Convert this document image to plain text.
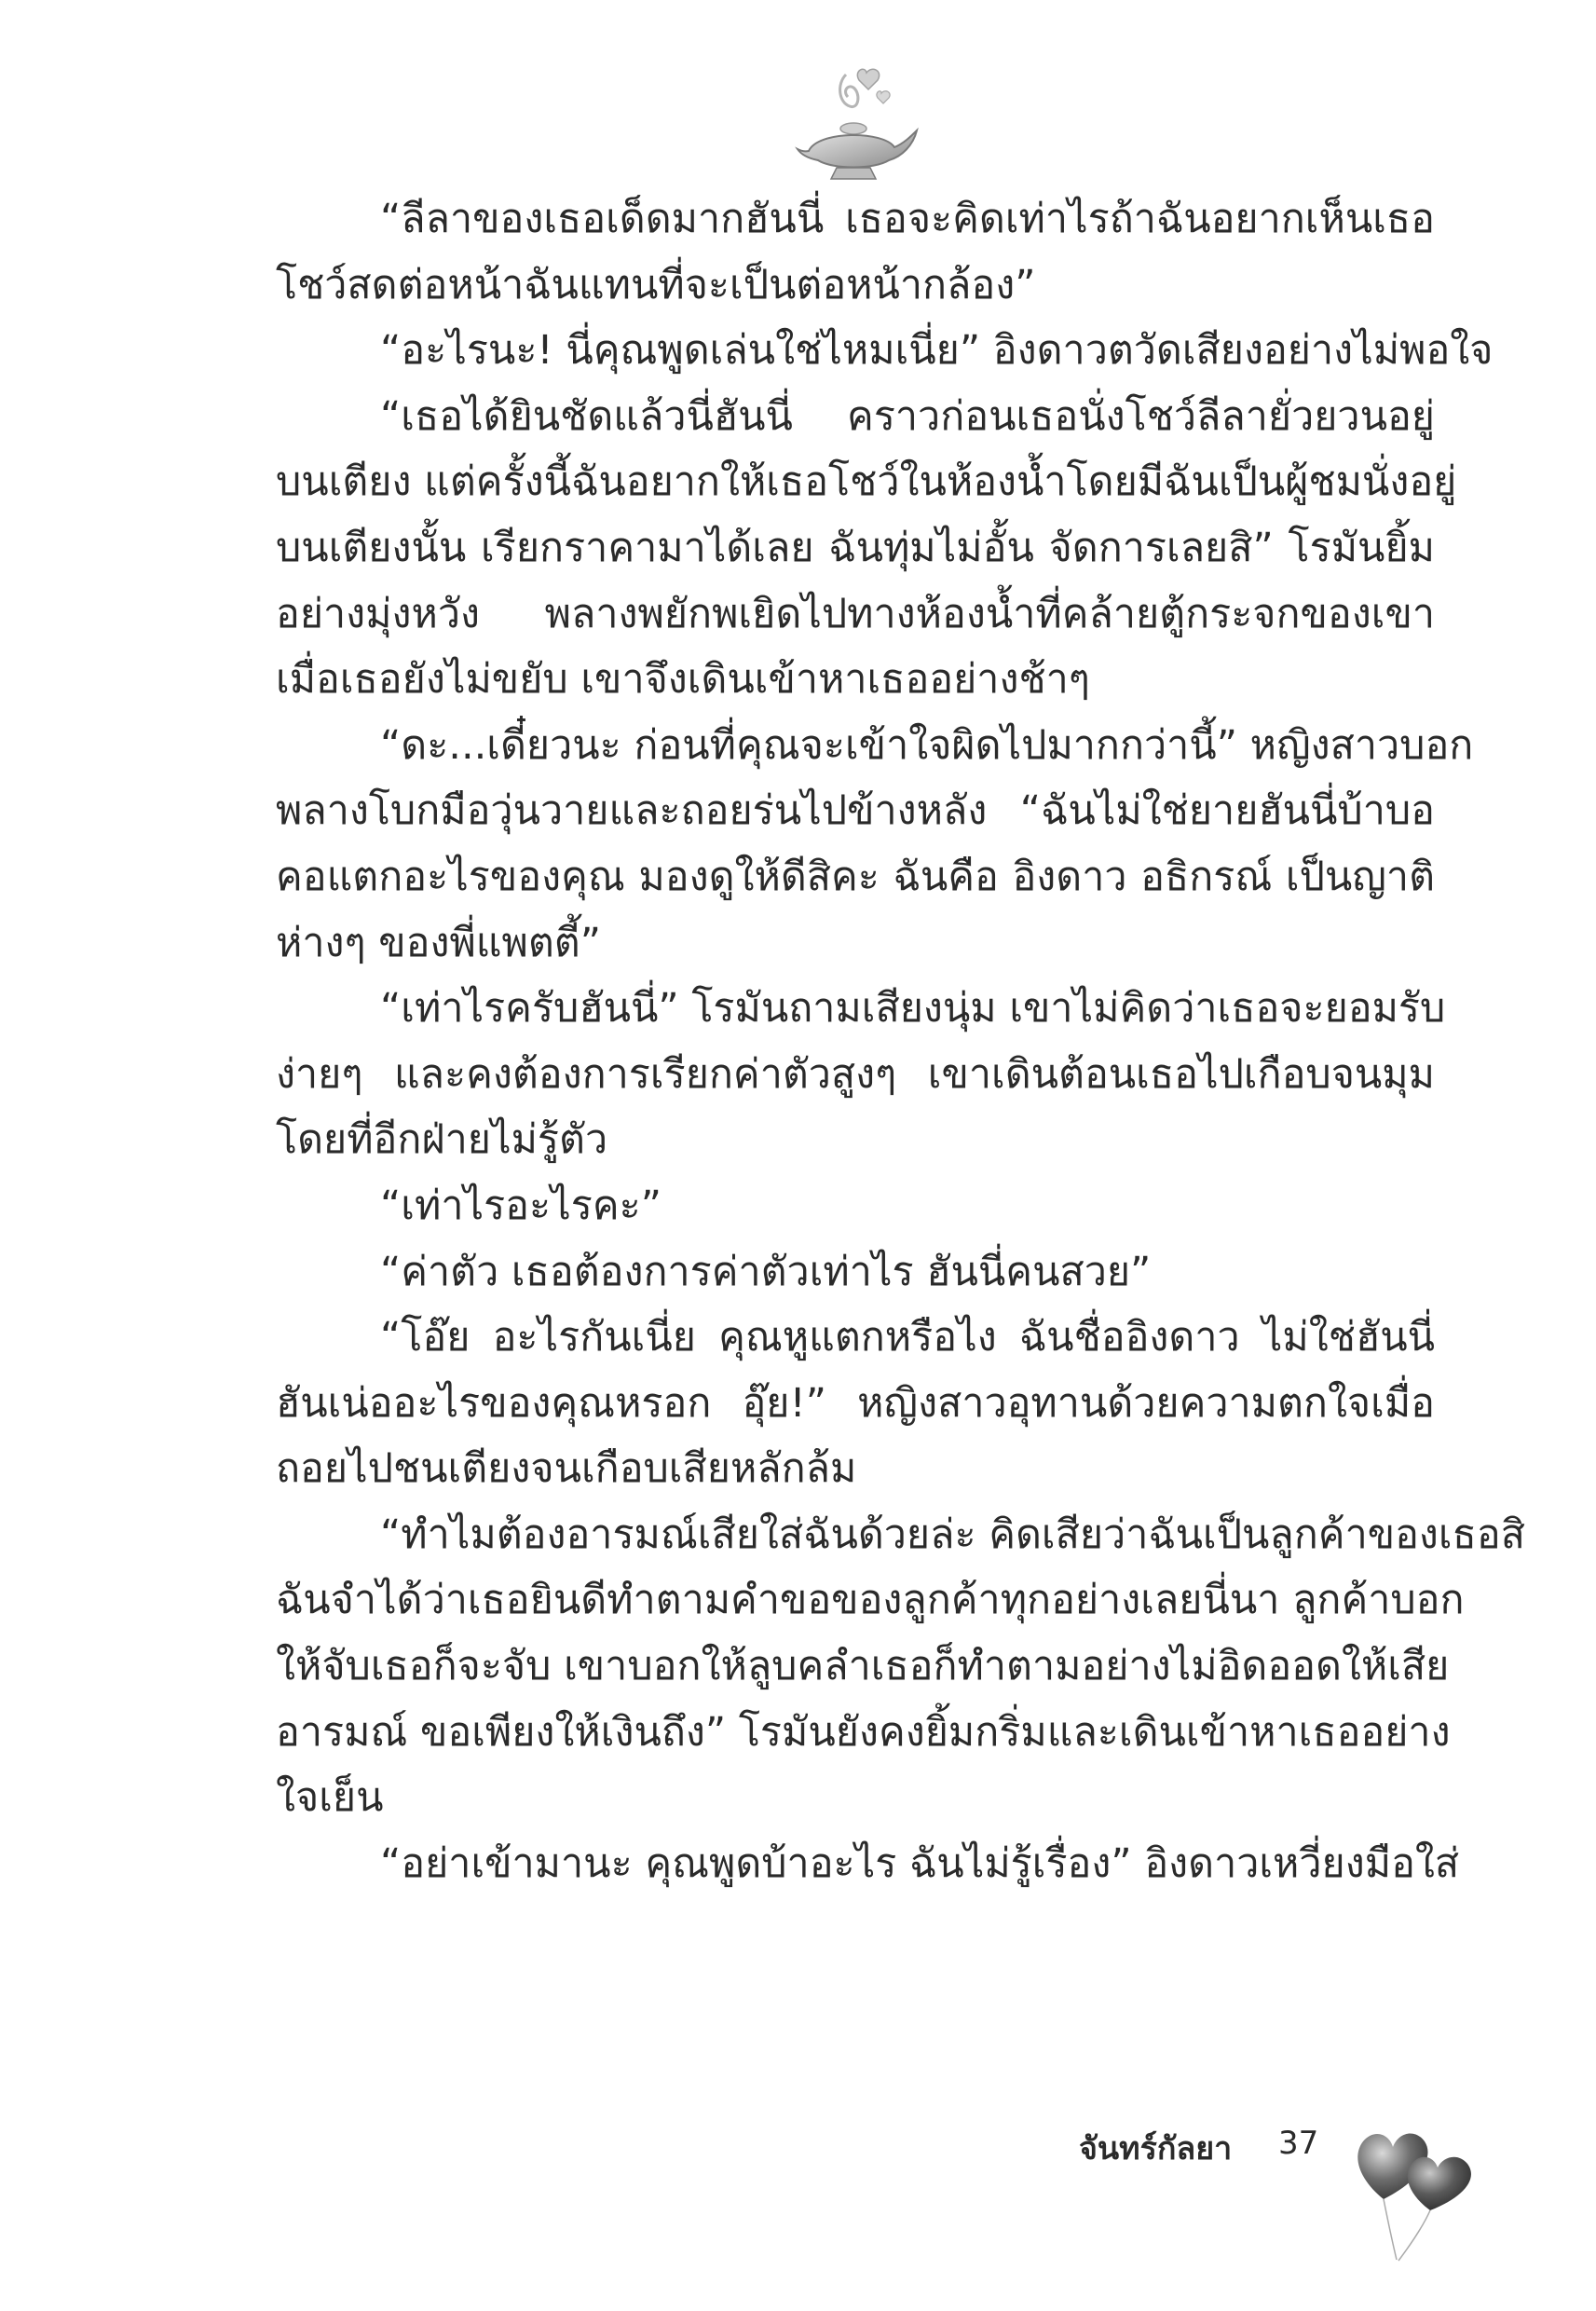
“ลีลาของเธอเด็ดมากฮันนี่ เธอจะคิดเท่าไรถ้าฉันอยากเห็นเธอ
โชว์สดต่อหน้าฉันแทนที่จะเป็นต่อหน้ากล้อง”
“อะไรนะ! นี่คุณพูดเล่นใช่ไหมเนี่ย” อิงดาวตวัดเสียงอย่างไม่พอใจ
“เธอได้ยินชัดแล้วนี่ฮันนี่ คราวก่อนเธอนั่งโชว์ลีลายั่วยวนอยู่
บนเตียง แต่ครั้งนี้ฉันอยากให้เธอโชว์ในห้องน้ำโดยมีฉันเป็นผู้ชมนั่งอยู่
บนเตียงนั้น เรียกราคามาได้เลย ฉันทุ่มไม่อั้น จัดการเลยสิ” โรมันยิ้ม
อย่างมุ่งหวัง พลางพยักพเยิดไปทางห้องน้ำที่คล้ายตู้กระจกของเขา
เมื่อเธอยังไม่ขยับ เขาจึงเดินเข้าหาเธออย่างช้าๆ
“ดะ...เดี๋ยวนะ ก่อนที่คุณจะเข้าใจผิดไปมากกว่านี้” หญิงสาวบอก
พลางโบกมือวุ่นวายและถอยร่นไปข้างหลัง “ฉันไม่ใช่ยายฮันนี่บ้าบอ
คอแตกอะไรของคุณ มองดูให้ดีสิคะ ฉันคือ อิงดาว อธิกรณ์ เป็นญาติ
ห่างๆ ของพี่แพตตี้”
“เท่าไรครับฮันนี่” โรมันถามเสียงนุ่ม เขาไม่คิดว่าเธอจะยอมรับ
ง่ายๆ และคงต้องการเรียกค่าตัวสูงๆ เขาเดินต้อนเธอไปเกือบจนมุม
โดยที่อีกฝ่ายไม่รู้ตัว
“เท่าไรอะไรคะ”
“ค่าตัว เธอต้องการค่าตัวเท่าไร ฮันนี่คนสวย”
“โอ๊ย อะไรกันเนี่ย คุณหูแตกหรือไง ฉันชื่ออิงดาว ไม่ใช่ฮันนี่
ฮันเน่ออะไรของคุณหรอก อุ๊ย!” หญิงสาวอุทานด้วยความตกใจเมื่อ
ถอยไปชนเตียงจนเกือบเสียหลักล้ม
“ทำไมต้องอารมณ์เสียใส่ฉันด้วยล่ะ คิดเสียว่าฉันเป็นลูกค้าของเธอสิ
ฉันจำได้ว่าเธอยินดีทำตามคำขอของลูกค้าทุกอย่างเลยนี่นา ลูกค้าบอก
ให้จับเธอก็จะจับ เขาบอกให้ลูบคลำเธอก็ทำตามอย่างไม่อิดออดให้เสีย
อารมณ์ ขอเพียงให้เงินถึง” โรมันยังคงยิ้มกริ่มและเดินเข้าหาเธออย่าง
ใจเย็น
“อย่าเข้ามานะ คุณพูดบ้าอะไร ฉันไม่รู้เรื่อง” อิงดาวเหวี่ยงมือใส่
จันทร์กัลยา 37
